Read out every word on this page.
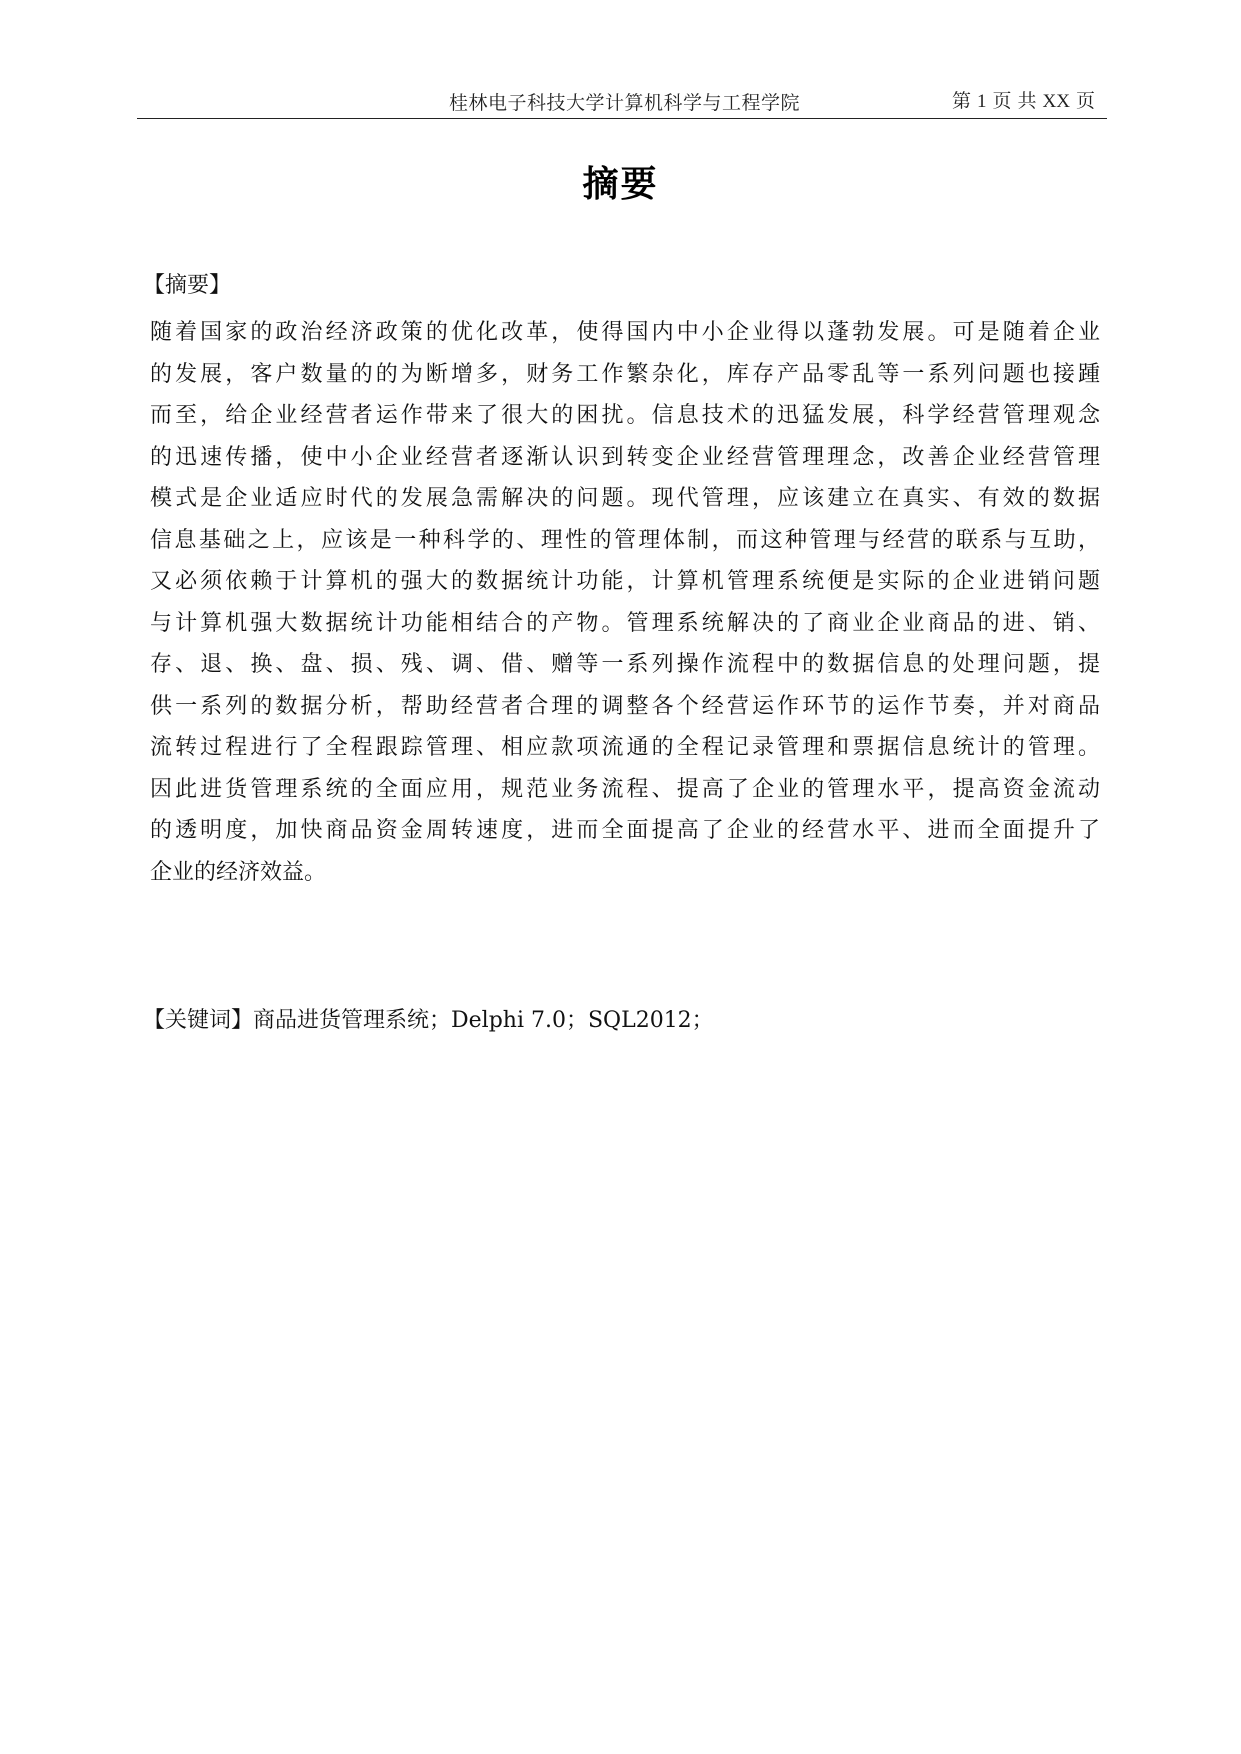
桂林电子科技大学计算机科学与工程学院	第 1 页 共 XX 页
摘要
【摘要】
随着国家的政治经济政策的优化改革，使得国内中小企业得以蓬勃发展。可是随着企业
的发展，客户数量的的为断增多，财务工作繁杂化，库存产品零乱等一系列问题也接踵
而至，给企业经营者运作带来了很大的困扰。信息技术的迅猛发展，科学经营管理观念
的迅速传播，使中小企业经营者逐渐认识到转变企业经营管理理念，改善企业经营管理
模式是企业适应时代的发展急需解决的问题。现代管理，应该建立在真实、有效的数据
信息基础之上，应该是一种科学的、理性的管理体制，而这种管理与经营的联系与互助，
又必须依赖于计算机的强大的数据统计功能，计算机管理系统便是实际的企业进销问题
与计算机强大数据统计功能相结合的产物。管理系统解决的了商业企业商品的进、销、
存、退、换、盘、损、残、调、借、赠等一系列操作流程中的数据信息的处理问题，提
供一系列的数据分析，帮助经营者合理的调整各个经营运作环节的运作节奏，并对商品
流转过程进行了全程跟踪管理、相应款项流通的全程记录管理和票据信息统计的管理。
因此进货管理系统的全面应用，规范业务流程、提高了企业的管理水平，提高资金流动
的透明度，加快商品资金周转速度，进而全面提高了企业的经营水平、进而全面提升了
企业的经济效益。
【关键词】商品进货管理系统；Delphi 7.0；SQL2012；
